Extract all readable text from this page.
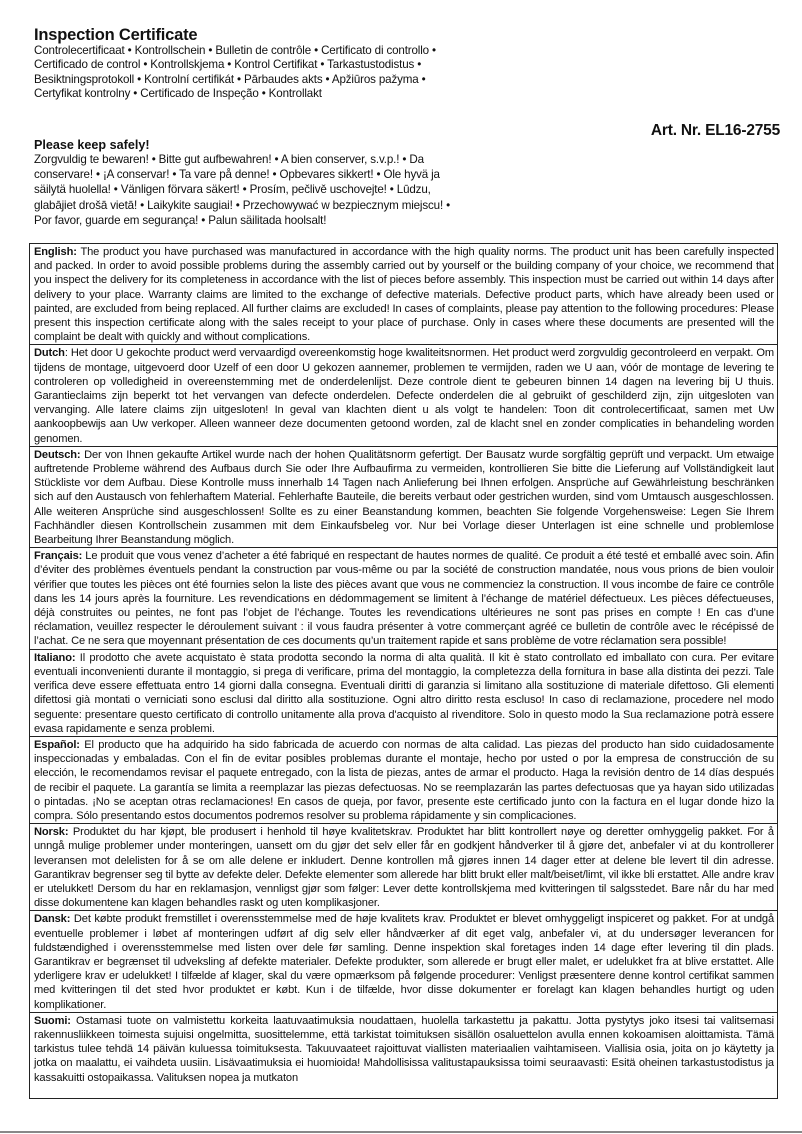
Inspection Certificate
Controlecertificaat • Kontrollschein • Bulletin de contrôle • Certificato di controllo • Certificado de control • Kontrollskjema • Kontrol Certifikat • Tarkastustodistus • Besiktningsprotokoll • Kontrolní certifikát • Pārbaudes akts • Apžiūros pažyma • Certyfikat kontrolny • Certificado de Inspeção • Kontrollakt
Art. Nr. EL16-2755
Please keep safely!
Zorgvuldig te bewaren! • Bitte gut aufbewahren! • A bien conserver, s.v.p.! • Da conservare! • ¡A conservar! • Ta vare på denne! • Opbevares sikkert! • Ole hyvä ja säilytä huolella! • Vänligen förvara säkert! • Prosím, pečlivě uschovejte! • Lūdzu, glabājiet drošā vietā! • Laikykite saugiai! • Przechowywać w bezpiecznym miejscu! • Por favor, guarde em segurança! • Palun säilitada hoolsalt!
English: The product you have purchased was manufactured in accordance with the high quality norms. The product unit has been carefully inspected and packed. In order to avoid possible problems during the assembly carried out by yourself or the building company of your choice, we recommend that you inspect the delivery for its completeness in accordance with the list of pieces before assembly. This inspection must be carried out within 14 days after delivery to your place. Warranty claims are limited to the exchange of defective materials. Defective product parts, which have already been used or painted, are excluded from being replaced. All further claims are excluded! In cases of complaints, please pay attention to the following procedures: Please present this inspection certificate along with the sales receipt to your place of purchase. Only in cases where these documents are presented will the complaint be dealt with quickly and without complications.
Dutch: Het door U gekochte product werd vervaardigd overeenkomstig hoge kwaliteitsnormen. Het product werd zorgvuldig gecontroleerd en verpakt. Om tijdens de montage, uitgevoerd door Uzelf of een door U gekozen aannemer, problemen te vermijden, raden we U aan, vóór de montage de levering te controleren op volledigheid in overeenstemming met de onderdelenlijst. Deze controle dient te gebeuren binnen 14 dagen na levering bij U thuis. Garantieclaims zijn beperkt tot het vervangen van defecte onderdelen. Defecte onderdelen die al gebruikt of geschilderd zijn, zijn uitgesloten van vervanging. Alle latere claims zijn uitgesloten! In geval van klachten dient u als volgt te handelen: Toon dit controlecertificaat, samen met Uw aankoopbewijs aan Uw verkoper. Alleen wanneer deze documenten getoond worden, zal de klacht snel en zonder complicaties in behandeling worden genomen.
Deutsch: Der von Ihnen gekaufte Artikel wurde nach der hohen Qualitätsnorm gefertigt. Der Bausatz wurde sorgfältig geprüft und verpackt. Um etwaige auftretende Probleme während des Aufbaus durch Sie oder Ihre Aufbaufirma zu vermeiden, kontrollieren Sie bitte die Lieferung auf Vollständigkeit laut Stückliste vor dem Aufbau. Diese Kontrolle muss innerhalb 14 Tagen nach Anlieferung bei Ihnen erfolgen. Ansprüche auf Gewährleistung beschränken sich auf den Austausch von fehlerhaftem Material. Fehlerhafte Bauteile, die bereits verbaut oder gestrichen wurden, sind vom Umtausch ausgeschlossen. Alle weiteren Ansprüche sind ausgeschlossen! Sollte es zu einer Beanstandung kommen, beachten Sie folgende Vorgehensweise: Legen Sie Ihrem Fachhändler diesen Kontrollschein zusammen mit dem Einkaufsbeleg vor. Nur bei Vorlage dieser Unterlagen ist eine schnelle und problemlose Bearbeitung Ihrer Beanstandung möglich.
Français: Le produit que vous venez d’acheter a été fabriqué en respectant de hautes normes de qualité. Ce produit a été testé et emballé avec soin. Afin d’éviter des problèmes éventuels pendant la construction par vous-même ou par la société de construction mandatée, nous vous prions de bien vouloir vérifier que toutes les pièces ont été fournies selon la liste des pièces avant que vous ne commenciez la construction. Il vous incombe de faire ce contrôle dans les 14 jours après la fourniture. Les revendications en dédommagement se limitent à l’échange de matériel défectueux. Les pièces défectueuses, déjà construites ou peintes, ne font pas l’objet de l’échange. Toutes les revendications ultérieures ne sont pas prises en compte ! En cas d’une réclamation, veuillez respecter le déroulement suivant : il vous faudra présenter à votre commerçant agréé ce bulletin de contrôle avec le récépissé de l’achat. Ce ne sera que moyennant présentation de ces documents qu’un traitement rapide et sans problème de votre réclamation sera possible!
Italiano: Il prodotto che avete acquistato è stata prodotta secondo la norma di alta qualità. Il kit è stato controllato ed imballato con cura. Per evitare eventuali inconvenienti durante il montaggio, si prega di verificare, prima del montaggio, la completezza della fornitura in base alla distinta dei pezzi. Tale verifica deve essere effettuata entro 14 giorni dalla consegna. Eventuali diritti di garanzia si limitano alla sostituzione di materiale difettoso. Gli elementi difettosi già montati o verniciati sono esclusi dal diritto alla sostituzione. Ogni altro diritto resta escluso! In caso di reclamazione, procedere nel modo seguente: presentare questo certificato di controllo unitamente alla prova d'acquisto al rivenditore. Solo in questo modo la Sua reclamazione potrà essere evasa rapidamente e senza problemi.
Español: El producto que ha adquirido ha sido fabricada de acuerdo con normas de alta calidad. Las piezas del producto han sido cuidadosamente inspeccionadas y embaladas. Con el fin de evitar posibles problemas durante el montaje, hecho por usted o por la empresa de construcción de su elección, le recomendamos revisar el paquete entregado, con la lista de piezas, antes de armar el producto. Haga la revisión dentro de 14 días después de recibir el paquete. La garantía se limita a reemplazar las piezas defectuosas. No se reemplazarán las partes defectuosas que ya hayan sido utilizadas o pintadas. ¡No se aceptan otras reclamaciones! En casos de queja, por favor, presente este certificado junto con la factura en el lugar donde hizo la compra. Sólo presentando estos documentos podremos resolver su problema rápidamente y sin complicaciones.
Norsk: Produktet du har kjøpt, ble produsert i henhold til høye kvalitetskrav. Produktet har blitt kontrollert nøye og deretter omhyggelig pakket. For å unngå mulige problemer under monteringen, uansett om du gjør det selv eller får en godkjent håndverker til å gjøre det, anbefaler vi at du kontrollerer leveransen mot delelisten for å se om alle delene er inkludert. Denne kontrollen må gjøres innen 14 dager etter at delene ble levert til din adresse. Garantikrav begrenser seg til bytte av defekte deler. Defekte elementer som allerede har blitt brukt eller malt/beiset/limt, vil ikke bli erstattet. Alle andre krav er utelukket! Dersom du har en reklamasjon, vennligst gjør som følger: Lever dette kontrollskjema med kvitteringen til salgsstedet. Bare når du har med disse dokumentene kan klagen behandles raskt og uten komplikasjoner.
Dansk: Det købte produkt fremstillet i overensstemmelse med de høje kvalitets krav. Produktet er blevet omhyggeligt inspiceret og pakket. For at undgå eventuelle problemer i løbet af monteringen udført af dig selv eller håndværker af dit eget valg, anbefaler vi, at du undersøger leverancen for fuldstændighed i overensstemmelse med listen over dele før samling. Denne inspektion skal foretages inden 14 dage efter levering til din plads. Garantikrav er begrænset til udveksling af defekte materialer. Defekte produkter, som allerede er brugt eller malet, er udelukket fra at blive erstattet. Alle yderligere krav er udelukket! I tilfælde af klager, skal du være opmærksom på følgende procedurer: Venligst præsentere denne kontrol certifikat sammen med kvitteringen til det sted hvor produktet er købt. Kun i de tilfælde, hvor disse dokumenter er forelagt kan klagen behandles hurtigt og uden komplikationer.
Suomi: Ostamasi tuote on valmistettu korkeita laatuvaatimuksia noudattaen, huolella tarkastettu ja pakattu. Jotta pystytys joko itsesi tai valitsemasi rakennusliikkeen toimesta sujuisi ongelmitta, suosittelemme, että tarkistat toimituksen sisällön osaluettelon avulla ennen kokoamisen aloittamista. Tämä tarkistus tulee tehdä 14 päivän kuluessa toimituksesta. Takuuvaateet rajoittuvat viallisten materiaalien vaihtamiseen. Viallisia osia, joita on jo käytetty ja jotka on maalattu, ei vaihdeta uusiin. Lisävaatimuksia ei huomioida! Mahdollisissa valitustapauksissa toimi seuraavasti: Esitä oheinen tarkastustodistus ja kassakuitti ostopaikassa. Valituksen nopea ja mutkaton
